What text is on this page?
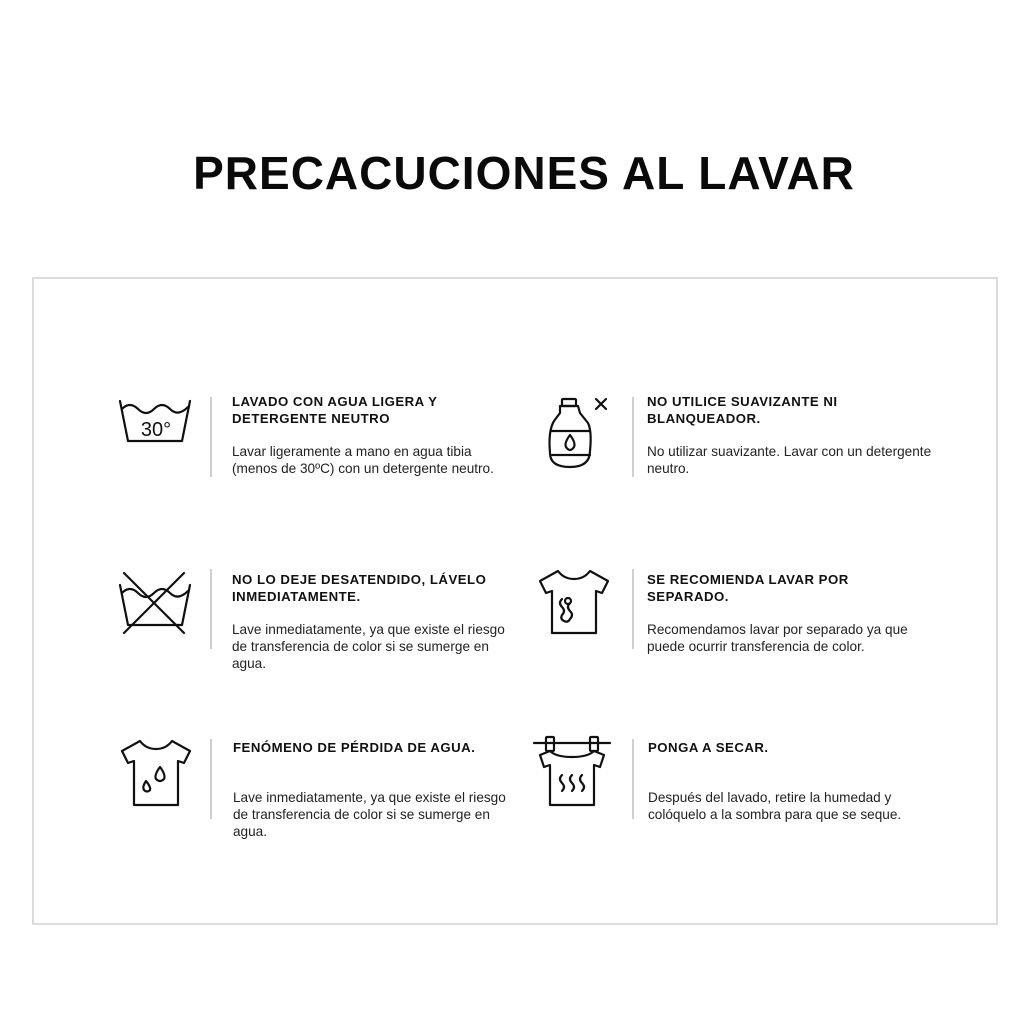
PRECACUCIONES AL LAVAR
30°

LAVADO CON AGUA LIGERA Y DETERGENTE NEUTRO

Lavar ligeramente a mano en agua tibia (menos de 30ºC) con un detergente neutro.

NO UTILICE SUAVIZANTE NI BLANQUEADOR.

No utilizar suavizante. Lavar con un detergente neutro.

NO LO DEJE DESATENDIDO, LÁVELO INMEDIATAMENTE.

Lave inmediatamente, ya que existe el riesgo de transferencia de color si se sumerge en agua.

SE RECOMIENDA LAVAR POR SEPARADO.

Recomendamos lavar por separado ya que puede ocurrir transferencia de color.

FENÓMENO DE PÉRDIDA DE AGUA.

Lave inmediatamente, ya que existe el riesgo de transferencia de color si se sumerge en agua.

PONGA A SECAR.

Después del lavado, retire la humedad y colóquelo a la sombra para que se seque.
